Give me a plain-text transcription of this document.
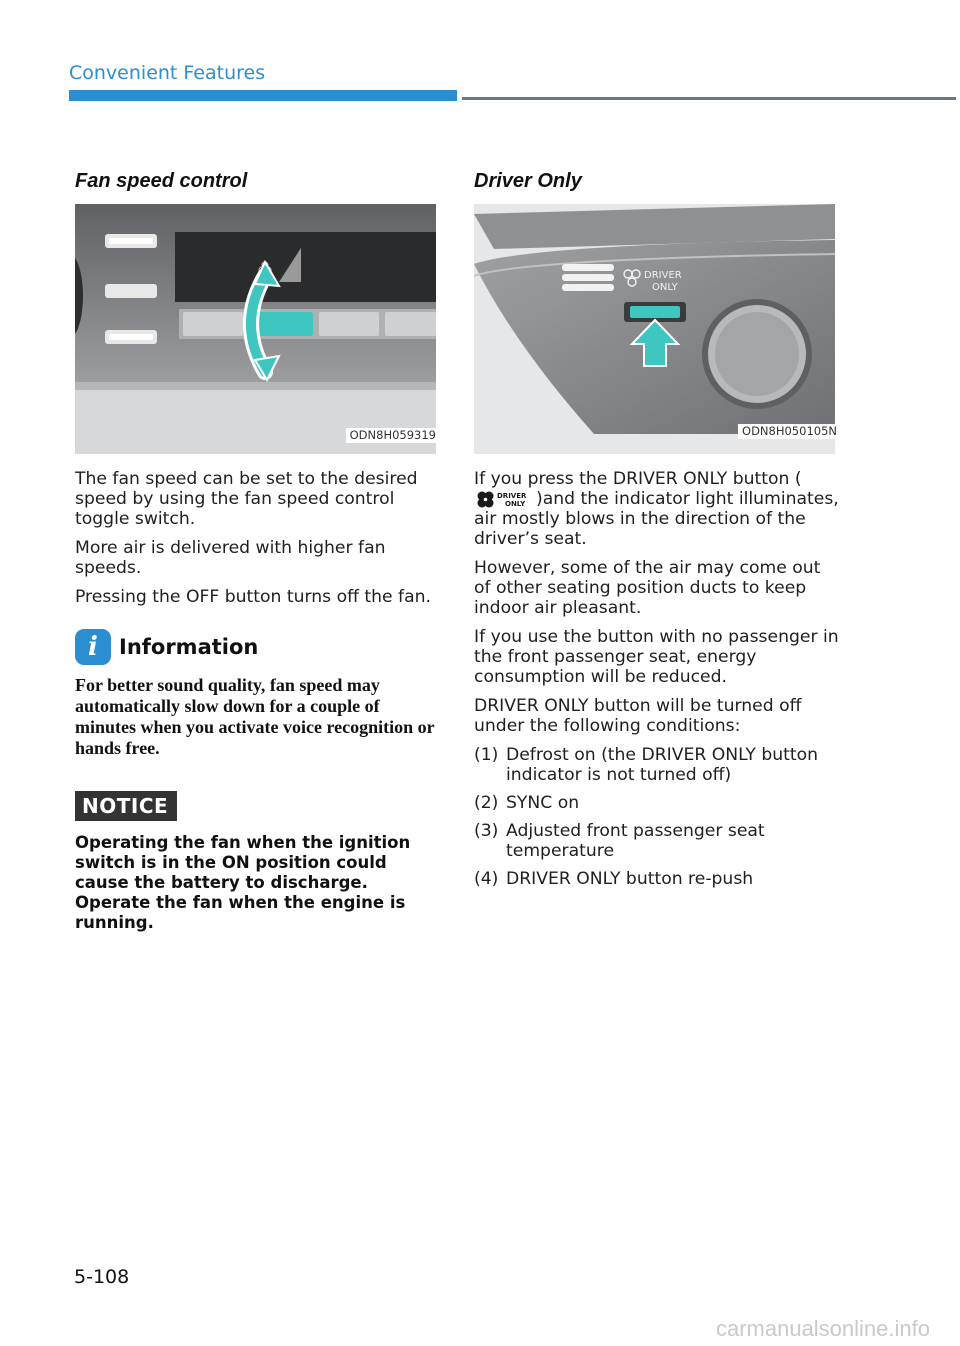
Convenient Features
Fan speed control
ODN8H059319

The fan speed can be set to the desired speed by using the fan speed control toggle switch.

More air is delivered with higher fan speeds.

Pressing the OFF button turns off the fan.

i	Information
For better sound quality, fan speed may automatically slow down for a couple of minutes when you activate voice recognition or hands free.
NOTICE
Operating the fan when the ignition switch is in the ON position could cause the battery to discharge. Operate the fan when the engine is running.
Driver Only
DRIVER
ONLY
ODN8H050105N

If you press the DRIVER ONLY button (
DRIVER
ONLY )and the indicator light illuminates, air mostly blows in the direction of the driver’s seat.

However, some of the air may come out of other seating position ducts to keep indoor air pleasant.

If you use the button with no passenger in the front passenger seat, energy consumption will be reduced.

DRIVER ONLY button will be turned off under the following conditions:

(1) Defrost on (the DRIVER ONLY button indicator is not turned off)
(2) SYNC on
(3) Adjusted front passenger seat temperature
(4) DRIVER ONLY button re-push
5-108
carmanualsonline.info
